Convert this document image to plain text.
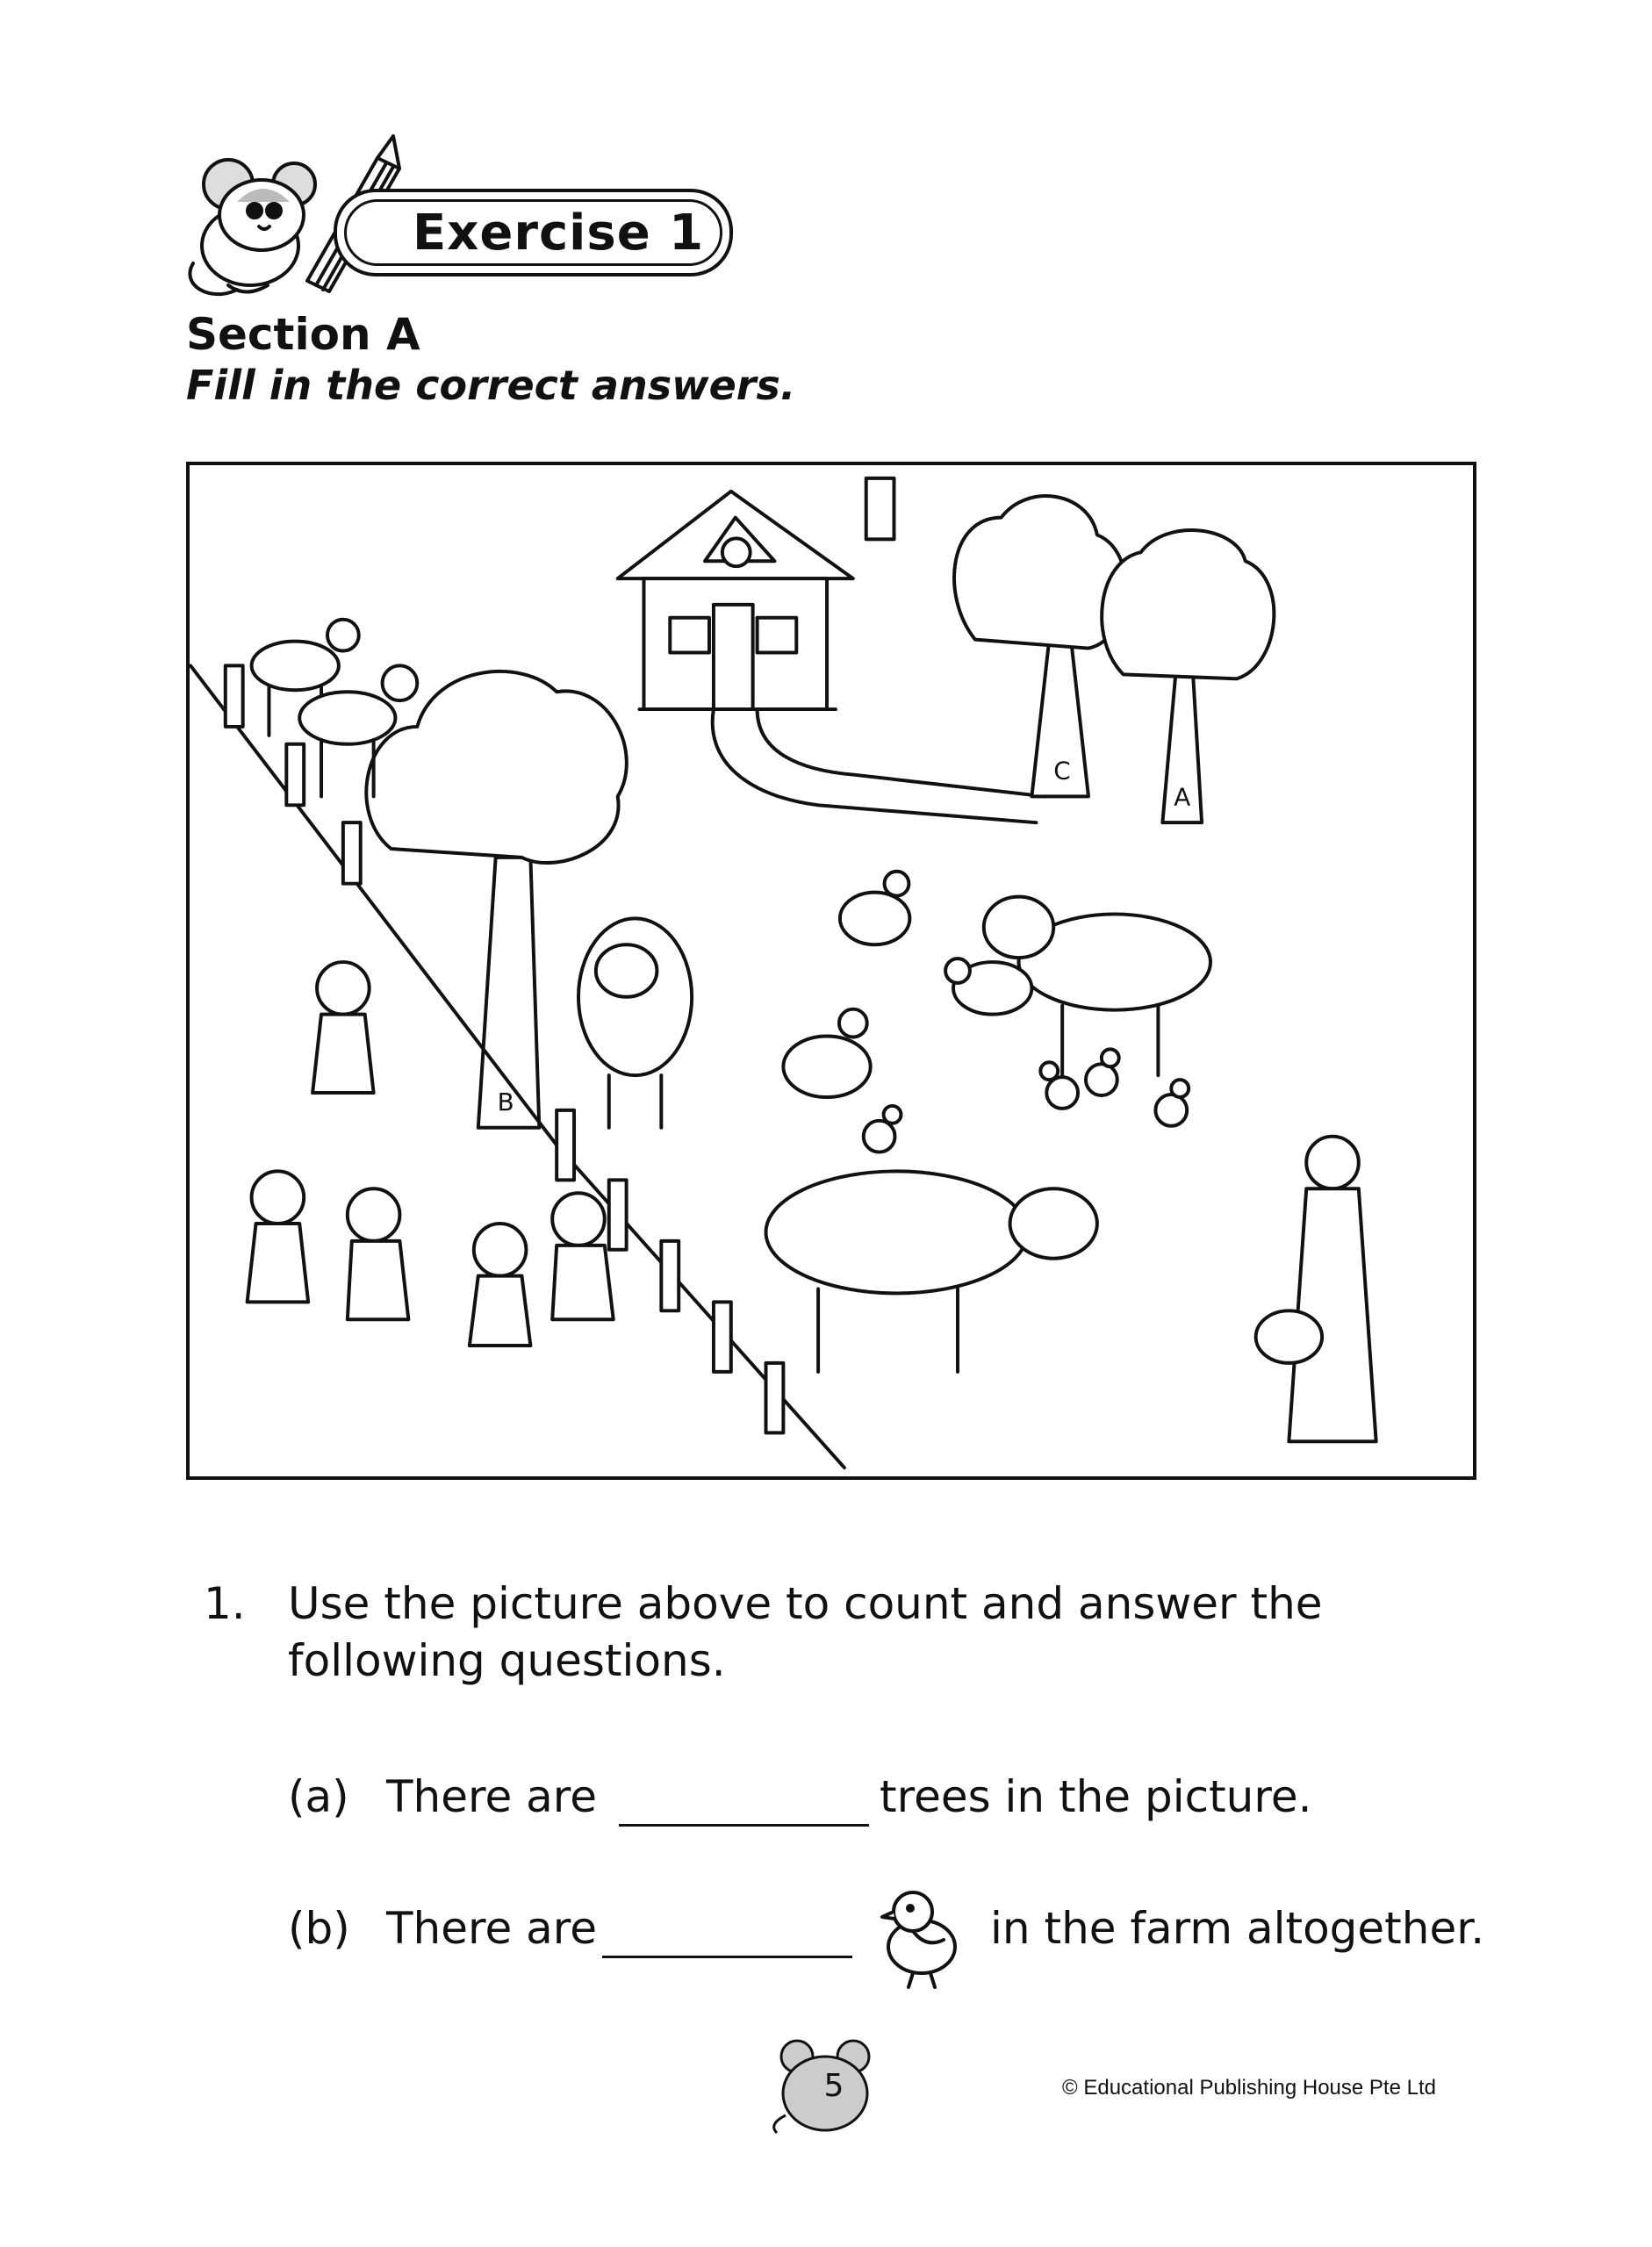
Exercise 1
Section A
Fill in the correct answers.
C
A
B
1. Use the picture above to count and answer the following questions.
(a) There are	trees in the picture.
(b) There are	in the farm altogether.
5	© Educational Publishing House Pte Ltd
